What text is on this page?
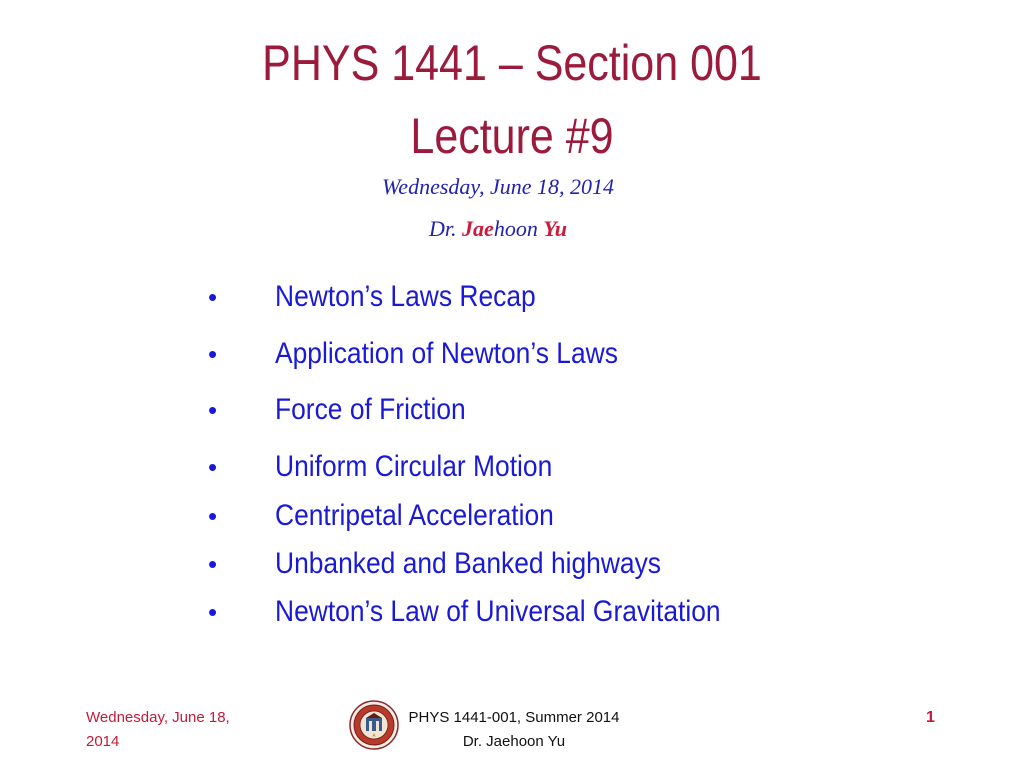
PHYS 1441 – Section 001
Lecture #9
Wednesday, June 18, 2014
Dr. Jaehoon Yu
•	Newton’s Laws Recap
•	Application of Newton’s Laws
•	Force of Friction
•	Uniform Circular Motion
•	Centripetal Acceleration
•	Unbanked and Banked highways
•	Newton’s Law of Universal Gravitation
Wednesday, June 18,
2014
PHYS 1441-001, Summer 2014
Dr. Jaehoon Yu
1
